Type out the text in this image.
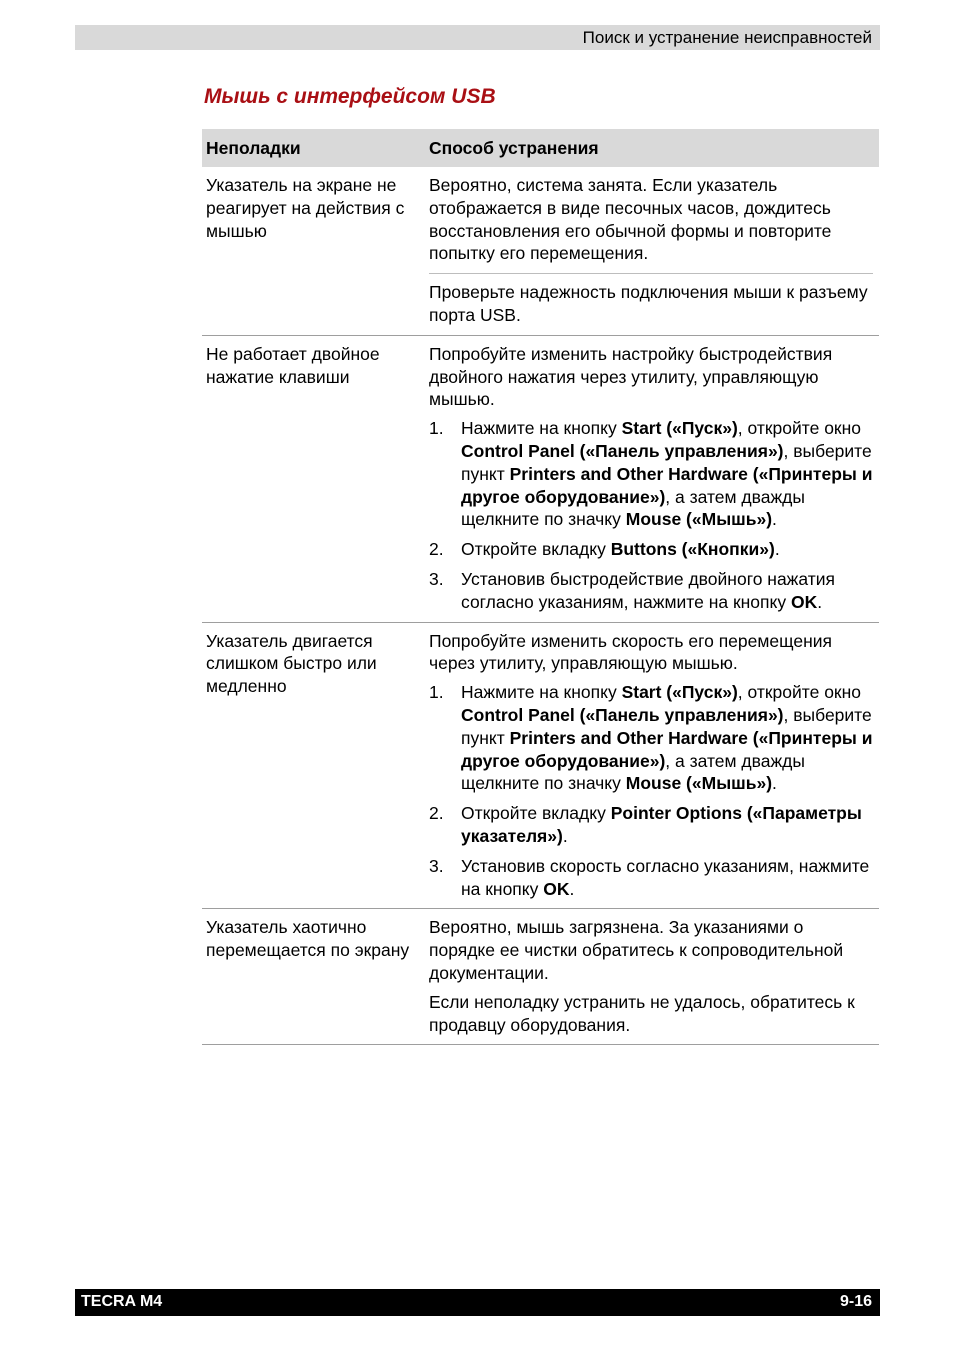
Поиск и устранение неисправностей
Мышь с интерфейсом USB
Неполадки	Способ устранения
Указатель на экране не реагирует на действия с мышью

Вероятно, система занята. Если указатель отображается в виде песочных часов, дождитесь восстановления его обычной формы и повторите попытку его перемещения.

Проверьте надежность подключения мыши к разъему порта USB.

Не работает двойное нажатие клавиши

Попробуйте изменить настройку быстродействия двойного нажатия через утилиту, управляющую мышью.

1. Нажмите на кнопку Start («Пуск»), откройте окно Control Panel («Панель управления»), выберите пункт Printers and Other Hardware («Принтеры и другое оборудование»), а затем дважды щелкните по значку Mouse («Мышь»).
2. Откройте вкладку Buttons («Кнопки»).
3. Установив быстродействие двойного нажатия согласно указаниям, нажмите на кнопку OK.
Указатель двигается слишком быстро или медленно

Попробуйте изменить скорость его перемещения через утилиту, управляющую мышью.

1. Нажмите на кнопку Start («Пуск»), откройте окно Control Panel («Панель управления»), выберите пункт Printers and Other Hardware («Принтеры и другое оборудование»), а затем дважды щелкните по значку Mouse («Мышь»).
2. Откройте вкладку Pointer Options («Параметры указателя»).
3. Установив скорость согласно указаниям, нажмите на кнопку OK.
Указатель хаотично перемещается по экрану

Вероятно, мышь загрязнена. За указаниями о порядке ее чистки обратитесь к сопроводительной документации.

Если неполадку устранить не удалось, обратитесь к продавцу оборудования.

TECRA M4	9-16
